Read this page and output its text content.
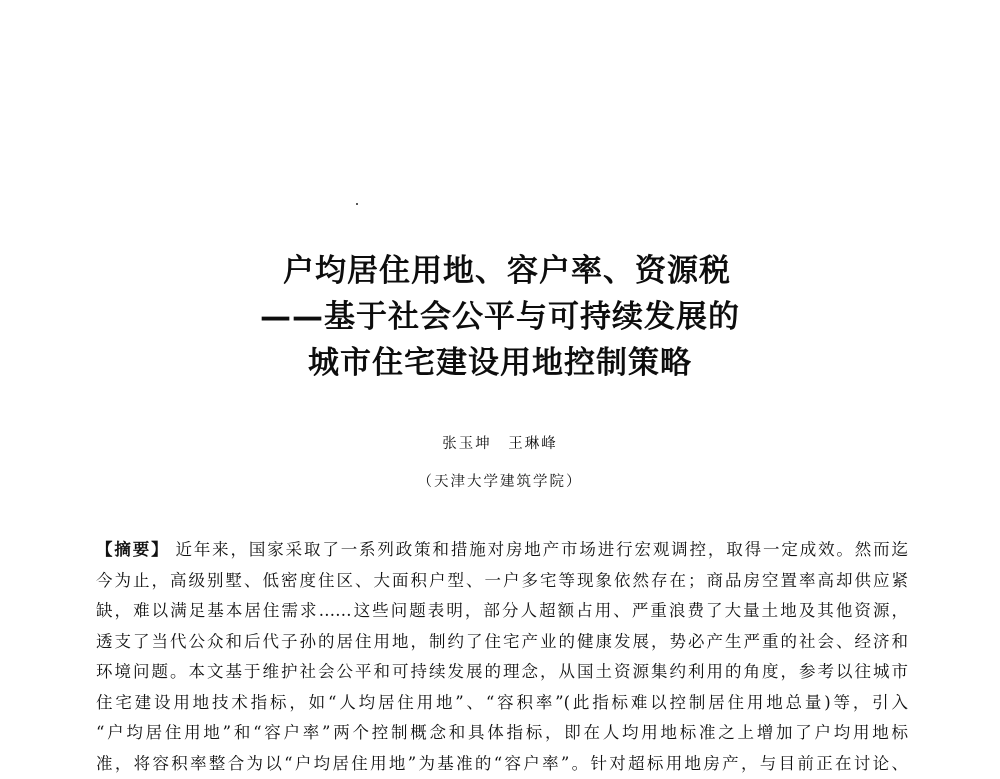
户均居住用地、容户率、资源税
——基于社会公平与可持续发展的
城市住宅建设用地控制策略
张玉坤　王琳峰
（天津大学建筑学院）
【摘要】 近年来，国家采取了一系列政策和措施对房地产市场进行宏观调控，取得一定成效。然而迄
今为止，高级别墅、低密度住区、大面积户型、一户多宅等现象依然存在；商品房空置率高却供应紧
缺，难以满足基本居住需求……这些问题表明，部分人超额占用、严重浪费了大量土地及其他资源，
透支了当代公众和后代子孙的居住用地，制约了住宅产业的健康发展，势必产生严重的社会、经济和
环境问题。本文基于维护社会公平和可持续发展的理念，从国土资源集约利用的角度，参考以往城市
住宅建设用地技术指标，如“人均居住用地”、“容积率”(此指标难以控制居住用地总量)等，引入
“户均居住用地”和“容户率”两个控制概念和具体指标，即在人均用地标准之上增加了户均用地标
准，将容积率整合为以“户均居住用地”为基准的“容户率”。针对超标用地房产，与目前正在讨论、
